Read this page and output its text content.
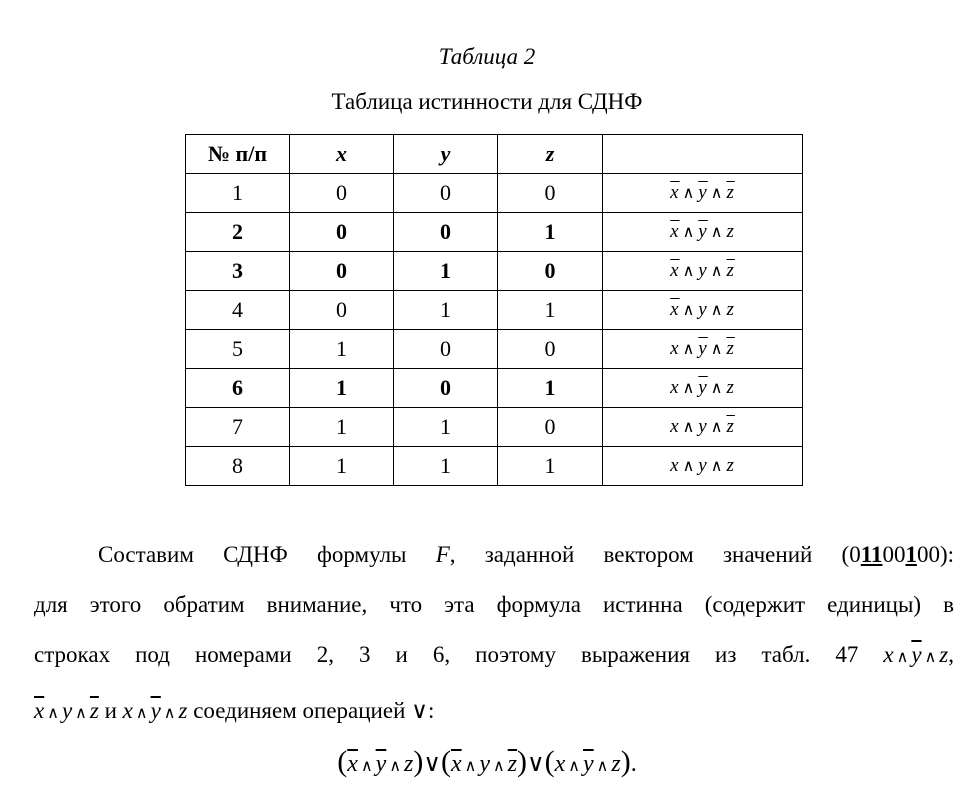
Таблица 2
Таблица истинности для СДНФ
№ п/п	x	y	z	
1	0	0	0	$\overline{x}$ ∧ $\overline{y}$ ∧ $\overline{z}$
2	0	0	1	$\overline{x}$ ∧ $\overline{y}$ ∧ z
3	0	1	0	$\overline{x}$ ∧ y ∧ $\overline{z}$
4	0	1	1	$\overline{x}$ ∧ y ∧ z
5	1	0	0	x ∧ $\overline{y}$ ∧ $\overline{z}$
6	1	0	1	x ∧ $\overline{y}$ ∧ z
7	1	1	0	x ∧ y ∧ $\overline{z}$
8	1	1	1	x ∧ y ∧ z
Составим СДНФ формулы F, заданной вектором значений (01100100):
для этого обратим внимание, что эта формула истинна (содержит единицы) в
строках под номерами 2, 3 и 6, поэтому выражения из табл. 47 x ∧ $\overline{y}$ ∧ z,
$\overline{x}$ ∧ y ∧ $\overline{z}$ и x ∧ $\overline{y}$ ∧ z соединяем операцией ∨:
($\overline{x}$ ∧ $\overline{y}$ ∧ $z)\vee(\overline{x}$ ∧ y ∧ $\overline{z})\vee(x$ ∧ $\overline{y}$ ∧ z).
